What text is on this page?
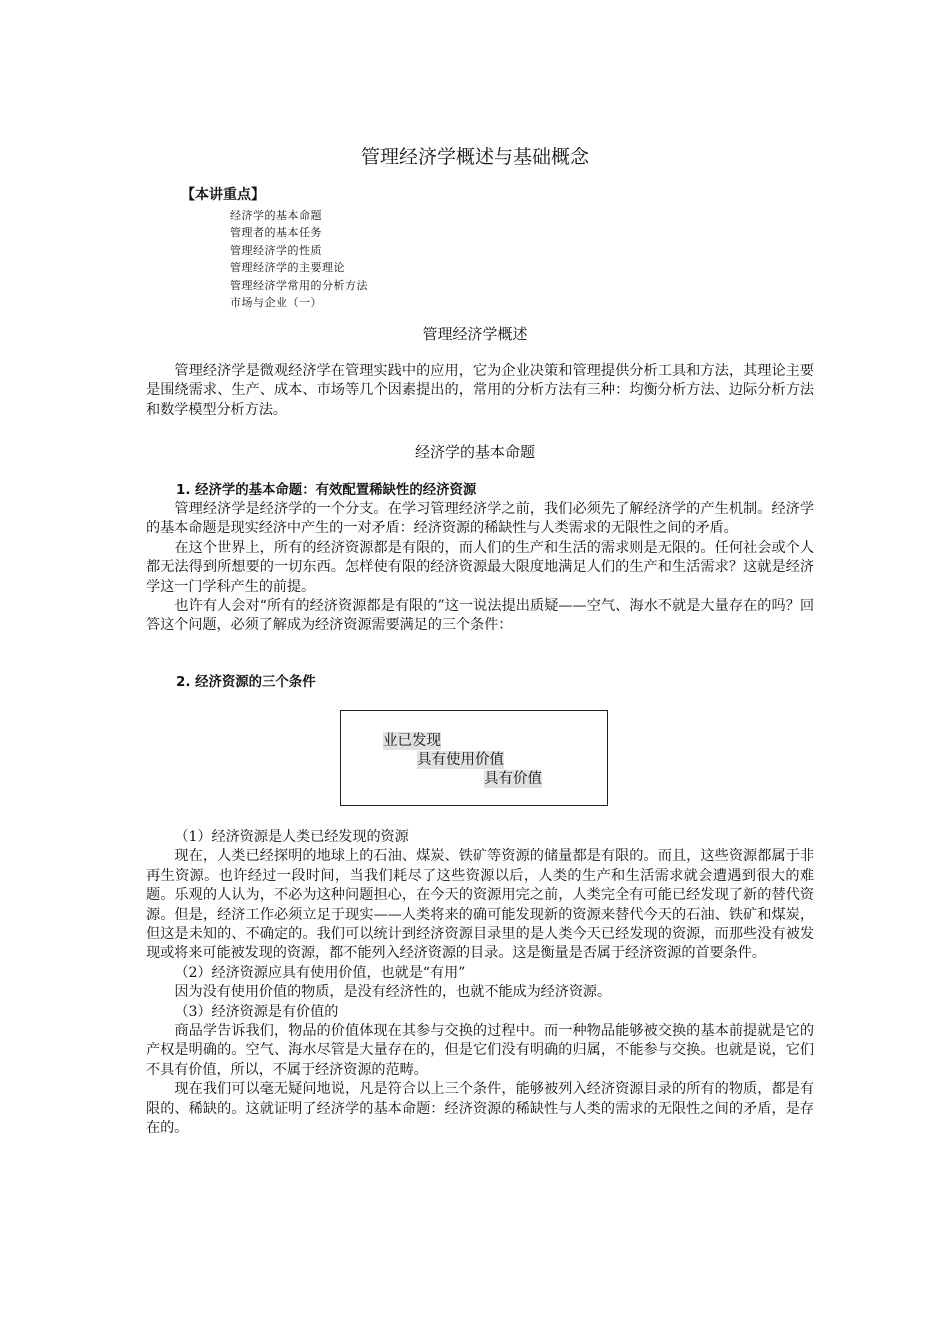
管理经济学概述与基础概念
【本讲重点】
经济学的基本命题
管理者的基本任务
管理经济学的性质
管理经济学的主要理论
管理经济学常用的分析方法
市场与企业（一）
管理经济学概述

管理经济学是微观经济学在管理实践中的应用，它为企业决策和管理提供分析工具和方法，其理论主要是围绕需求、生产、成本、市场等几个因素提出的，常用的分析方法有三种：均衡分析方法、边际分析方法和数学模型分析方法。

经济学的基本命题
1. 经济学的基本命题：有效配置稀缺性的经济资源

管理经济学是经济学的一个分支。在学习管理经济学之前，我们必须先了解经济学的产生机制。经济学的基本命题是现实经济中产生的一对矛盾：经济资源的稀缺性与人类需求的无限性之间的矛盾。

在这个世界上，所有的经济资源都是有限的，而人们的生产和生活的需求则是无限的。任何社会或个人都无法得到所想要的一切东西。怎样使有限的经济资源最大限度地满足人们的生产和生活需求？这就是经济学这一门学科产生的前提。

也许有人会对“所有的经济资源都是有限的”这一说法提出质疑——空气、海水不就是大量存在的吗？回答这个问题，必须了解成为经济资源需要满足的三个条件：

2. 经济资源的三个条件
业已发现
具有使用价值
具有价值

（1）经济资源是人类已经发现的资源

现在，人类已经探明的地球上的石油、煤炭、铁矿等资源的储量都是有限的。而且，这些资源都属于非再生资源。也许经过一段时间，当我们耗尽了这些资源以后，人类的生产和生活需求就会遭遇到很大的难题。乐观的人认为，不必为这种问题担心，在今天的资源用完之前，人类完全有可能已经发现了新的替代资源。但是，经济工作必须立足于现实——人类将来的确可能发现新的资源来替代今天的石油、铁矿和煤炭，但这是未知的、不确定的。我们可以统计到经济资源目录里的是人类今天已经发现的资源，而那些没有被发现或将来可能被发现的资源，都不能列入经济资源的目录。这是衡量是否属于经济资源的首要条件。

（2）经济资源应具有使用价值，也就是“有用”

因为没有使用价值的物质，是没有经济性的，也就不能成为经济资源。

（3）经济资源是有价值的

商品学告诉我们，物品的价值体现在其参与交换的过程中。而一种物品能够被交换的基本前提就是它的产权是明确的。空气、海水尽管是大量存在的，但是它们没有明确的归属，不能参与交换。也就是说，它们不具有价值，所以，不属于经济资源的范畴。

现在我们可以毫无疑问地说，凡是符合以上三个条件，能够被列入经济资源目录的所有的物质，都是有限的、稀缺的。这就证明了经济学的基本命题：经济资源的稀缺性与人类的需求的无限性之间的矛盾，是存在的。
